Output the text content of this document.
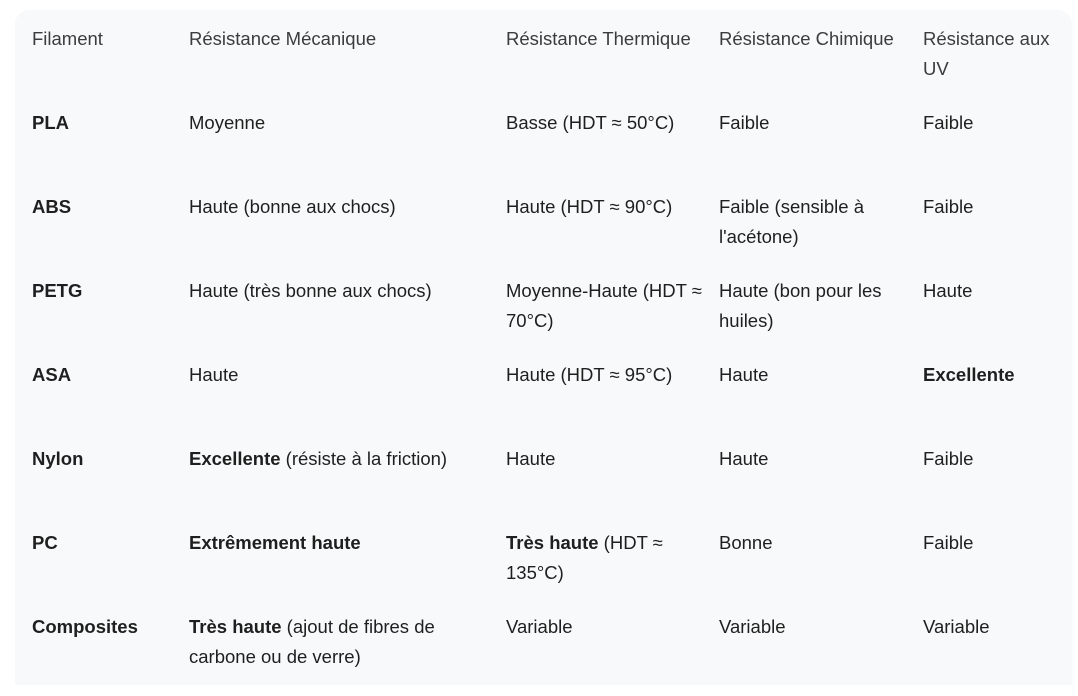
Filament	Résistance Mécanique	Résistance Thermique	Résistance Chimique	Résistance aux UV
PLA	Moyenne	Basse (HDT ≈ 50°C)	Faible	Faible
ABS	Haute (bonne aux chocs)	Haute (HDT ≈ 90°C)	Faible (sensible à l'acétone)	Faible
PETG	Haute (très bonne aux chocs)	Moyenne-Haute (HDT ≈ 70°C)	Haute (bon pour les huiles)	Haute
ASA	Haute	Haute (HDT ≈ 95°C)	Haute	Excellente
Nylon	Excellente (résiste à la friction)	Haute	Haute	Faible
PC	Extrêmement haute	Très haute (HDT ≈ 135°C)	Bonne	Faible
Composites	Très haute (ajout de fibres de carbone ou de verre)	Variable	Variable	Variable
